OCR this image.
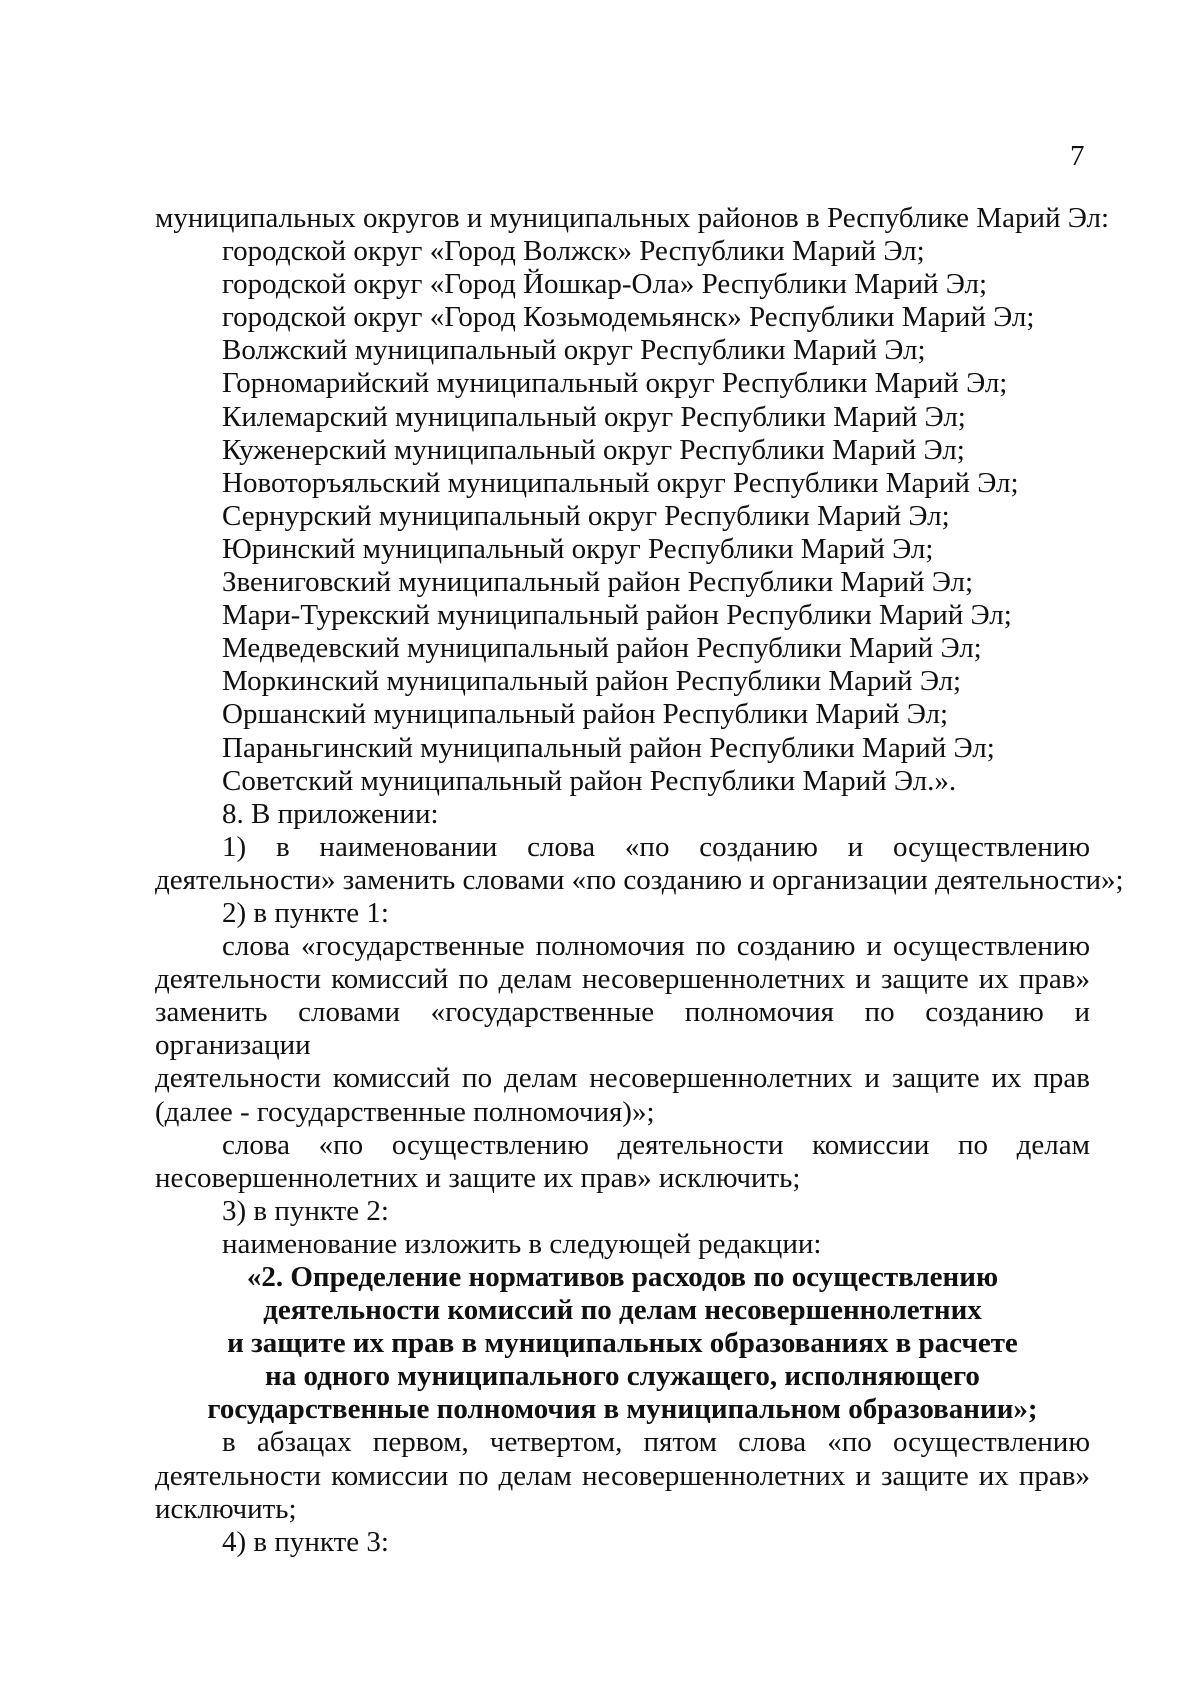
7
муниципальных округов и муниципальных районов в Республике Марий Эл:
городской округ «Город Волжск» Республики Марий Эл;
городской округ «Город Йошкар-Ола» Республики Марий Эл;
городской округ «Город Козьмодемьянск» Республики Марий Эл;
Волжский муниципальный округ Республики Марий Эл;
Горномарийский муниципальный округ Республики Марий Эл;
Килемарский муниципальный округ Республики Марий Эл;
Куженерский муниципальный округ Республики Марий Эл;
Новоторъяльский муниципальный округ Республики Марий Эл;
Сернурский муниципальный округ Республики Марий Эл;
Юринский муниципальный округ Республики Марий Эл;
Звениговский муниципальный район Республики Марий Эл;
Мари-Турекский муниципальный район Республики Марий Эл;
Медведевский муниципальный район Республики Марий Эл;
Моркинский муниципальный район Республики Марий Эл;
Оршанский муниципальный район Республики Марий Эл;
Параньгинский муниципальный район Республики Марий Эл;
Советский муниципальный район Республики Марий Эл.».
8. В приложении:
1) в наименовании слова «по созданию и осуществлению
деятельности» заменить словами «по созданию и организации деятельности»;
2) в пункте 1:
слова «государственные полномочия по созданию и осуществлению
деятельности комиссий по делам несовершеннолетних и защите их прав»
заменить словами «государственные полномочия по созданию и организации
деятельности комиссий по делам несовершеннолетних и защите их прав
(далее - государственные полномочия)»;
слова «по осуществлению деятельности комиссии по делам
несовершеннолетних и защите их прав» исключить;
3) в пункте 2:
наименование изложить в следующей редакции:
«2. Определение нормативов расходов по осуществлению
деятельности комиссий по делам несовершеннолетних
и защите их прав в муниципальных образованиях в расчете
на одного муниципального служащего, исполняющего
государственные полномочия в муниципальном образовании»;
в абзацах первом, четвертом, пятом слова «по осуществлению
деятельности комиссии по делам несовершеннолетних и защите их прав»
исключить;
4) в пункте 3:
